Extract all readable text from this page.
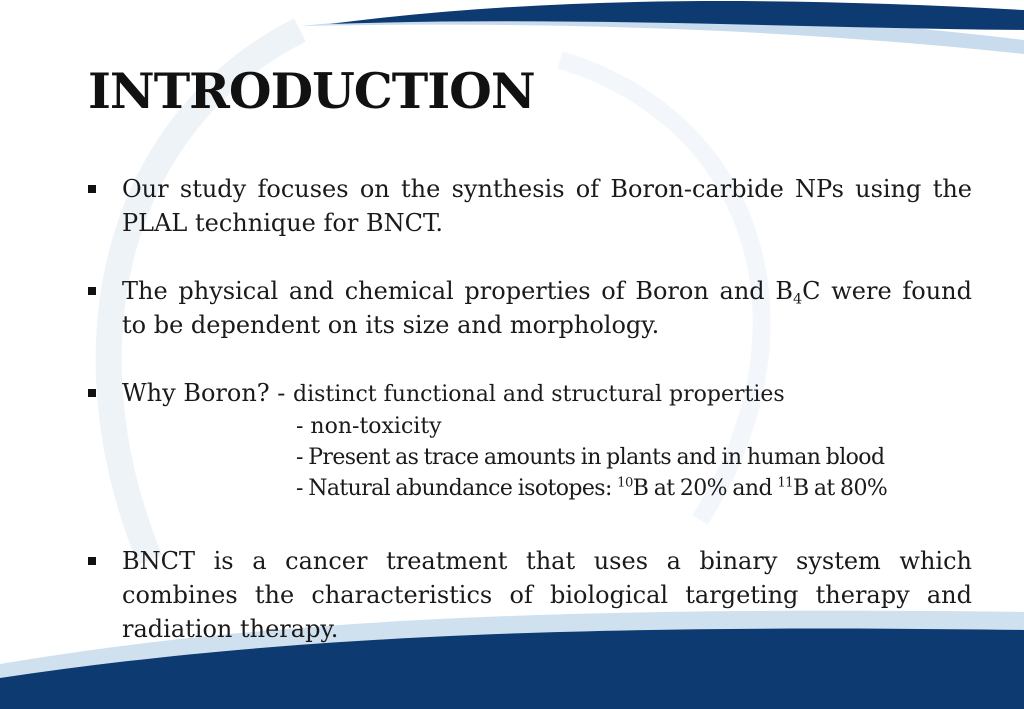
INTRODUCTION
Our study focuses on the synthesis of Boron-carbide NPs using the PLAL technique for BNCT.
The physical and chemical properties of Boron and $B_4C$ were found to be dependent on its size and morphology.
Why Boron? - distinct functional and structural properties
- non-toxicity
- Present as trace amounts in plants and in human blood
- Natural abundance isotopes: $^{10}$B at 20% and $^{11}$B at 80%
BNCT is a cancer treatment that uses a binary system which combines the characteristics of biological targeting therapy and radiation therapy.
